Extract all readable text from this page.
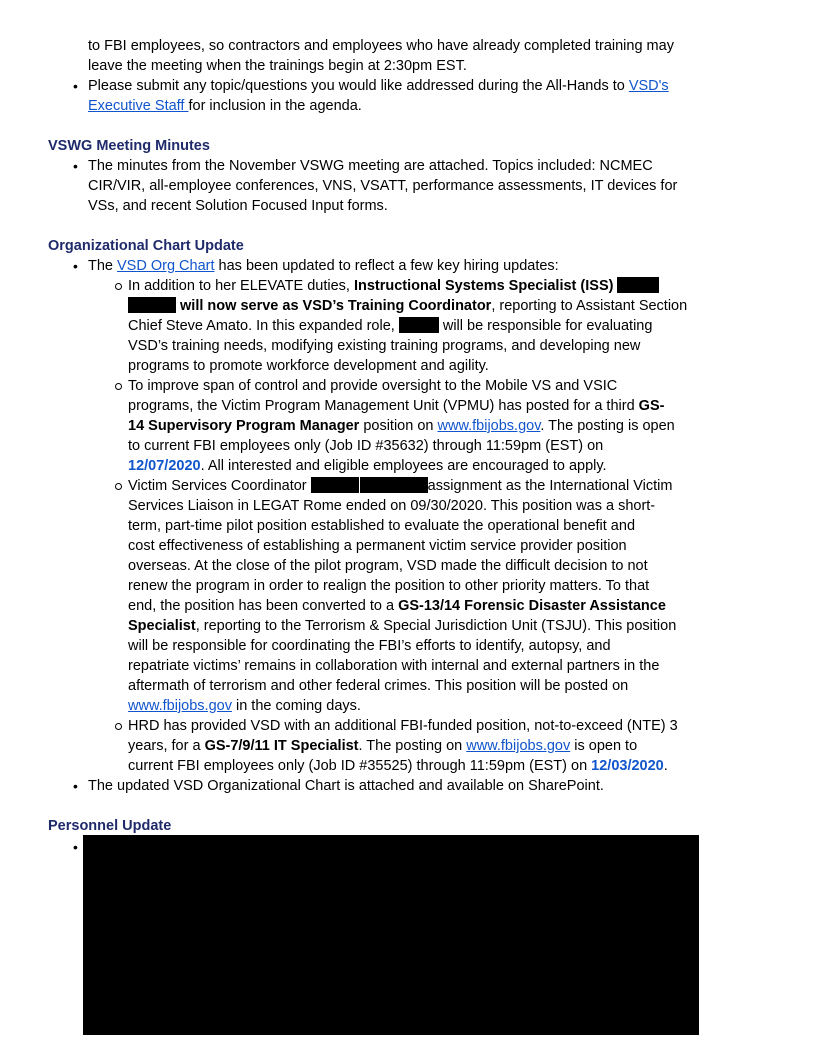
to FBI employees, so contractors and employees who have already completed training may
leave the meeting when the trainings begin at 2:30pm EST.
• Please submit any topic/questions you would like addressed during the All-Hands to VSD's
Executive Staff for inclusion in the agenda.
VSWG Meeting Minutes
• The minutes from the November VSWG meeting are attached. Topics included: NCMEC
CIR/VIR, all-employee conferences, VNS, VSATT, performance assessments, IT devices for
VSs, and recent Solution Focused Input forms.
Organizational Chart Update
• The VSD Org Chart has been updated to reflect a few key hiring updates:
In addition to her ELEVATE duties, Instructional Systems Specialist (ISS)
will now serve as VSD’s Training Coordinator, reporting to Assistant Section
Chief Steve Amato. In this expanded role,	will be responsible for evaluating
VSD’s training needs, modifying existing training programs, and developing new
programs to promote workforce development and agility.
To improve span of control and provide oversight to the Mobile VS and VSIC
programs, the Victim Program Management Unit (VPMU) has posted for a third GS-
14 Supervisory Program Manager position on www.fbijobs.gov. The posting is open
to current FBI employees only (Job ID #35632) through 11:59pm (EST) on
12/07/2020. All interested and eligible employees are encouraged to apply.
Victim Services Coordinator	assignment as the International Victim
Services Liaison in LEGAT Rome ended on 09/30/2020. This position was a short-
term, part-time pilot position established to evaluate the operational benefit and
cost effectiveness of establishing a permanent victim service provider position
overseas. At the close of the pilot program, VSD made the difficult decision to not
renew the program in order to realign the position to other priority matters. To that
end, the position has been converted to a GS-13/14 Forensic Disaster Assistance
Specialist, reporting to the Terrorism & Special Jurisdiction Unit (TSJU). This position
will be responsible for coordinating the FBI’s efforts to identify, autopsy, and
repatriate victims’ remains in collaboration with internal and external partners in the
aftermath of terrorism and other federal crimes. This position will be posted on
www.fbijobs.gov in the coming days.
HRD has provided VSD with an additional FBI-funded position, not-to-exceed (NTE) 3
years, for a GS-7/9/11 IT Specialist. The posting on www.fbijobs.gov is open to
current FBI employees only (Job ID #35525) through 11:59pm (EST) on 12/03/2020.
• The updated VSD Organizational Chart is attached and available on SharePoint.
Personnel Update
•
